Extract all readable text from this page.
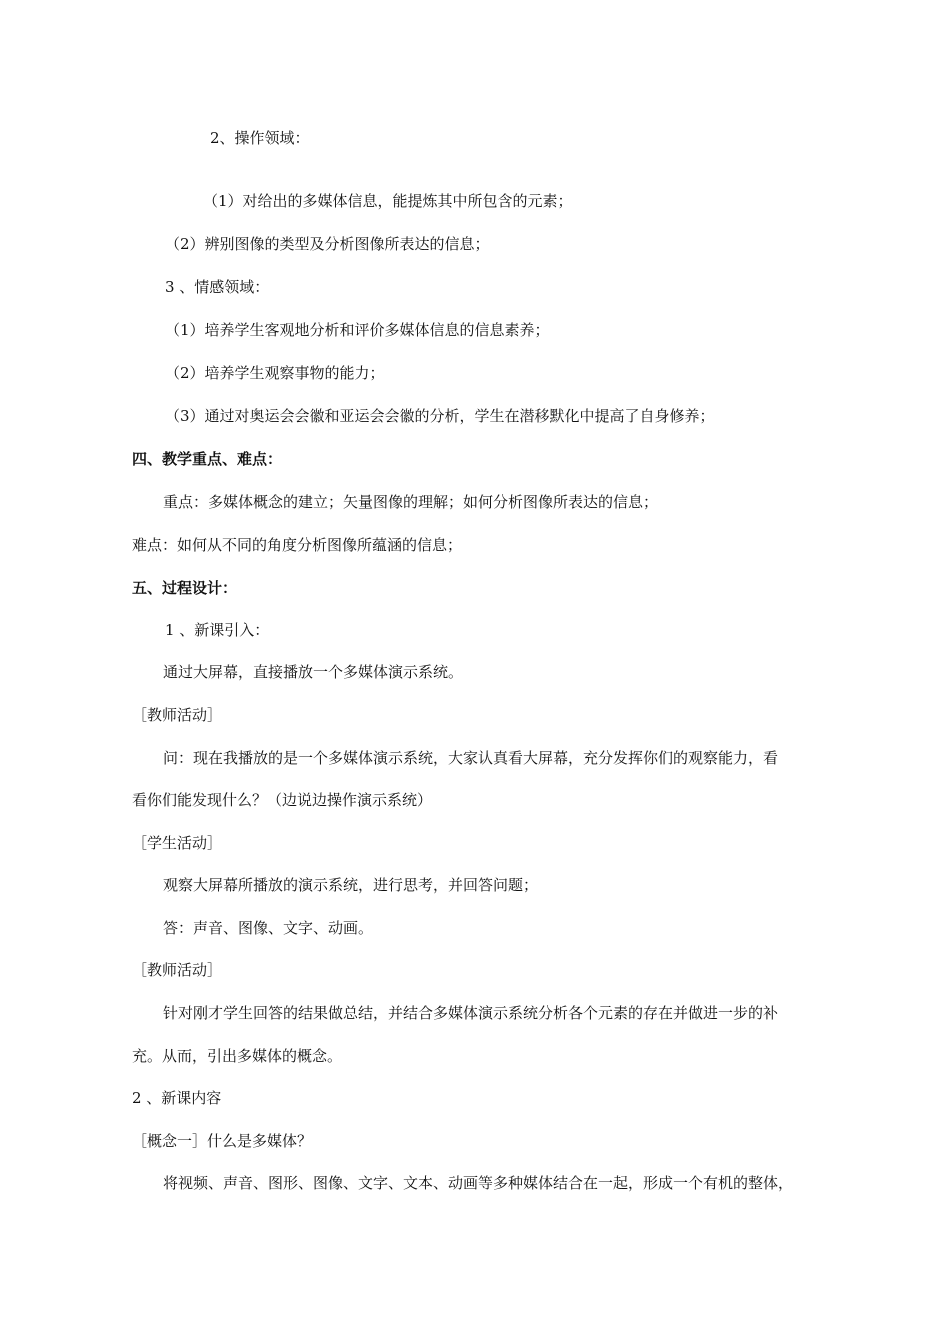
2、操作领域：
（1）对给出的多媒体信息，能提炼其中所包含的元素；
（2）辨别图像的类型及分析图像所表达的信息；
3 、情感领域：
（1）培养学生客观地分析和评价多媒体信息的信息素养；
（2）培养学生观察事物的能力；
（3）通过对奥运会会徽和亚运会会徽的分析，学生在潜移默化中提高了自身修养；
四、教学重点、难点：
重点：多媒体概念的建立；矢量图像的理解；如何分析图像所表达的信息；
难点：如何从不同的角度分析图像所蕴涵的信息；
五、过程设计：
1 、新课引入：
通过大屏幕，直接播放一个多媒体演示系统。
［教师活动］
问：现在我播放的是一个多媒体演示系统，大家认真看大屏幕，充分发挥你们的观察能力，看
看你们能发现什么？（边说边操作演示系统）
［学生活动］
观察大屏幕所播放的演示系统，进行思考，并回答问题；
答：声音、图像、文字、动画。
［教师活动］
针对刚才学生回答的结果做总结，并结合多媒体演示系统分析各个元素的存在并做进一步的补
充。从而，引出多媒体的概念。
2 、新课内容
［概念一］什么是多媒体？
将视频、声音、图形、图像、文字、文本、动画等多种媒体结合在一起，形成一个有机的整体，
